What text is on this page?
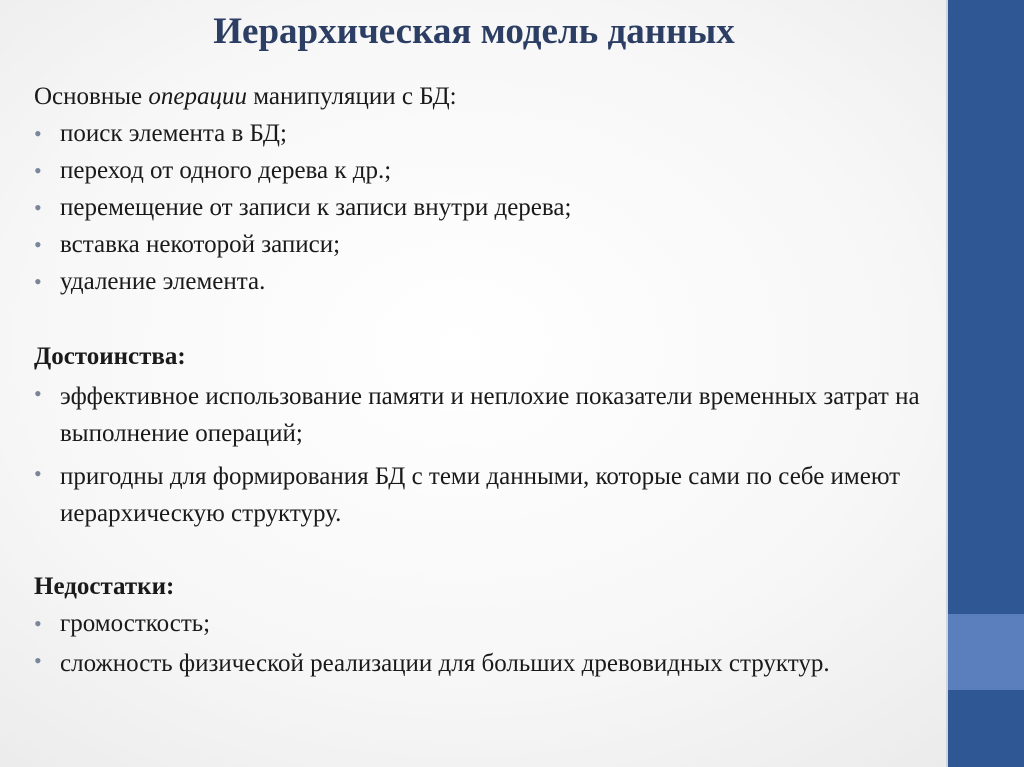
Иерархическая модель данных

Основные операции манипуляции с БД:

• поиск элемента в БД;
• переход от одного дерева к др.;
• перемещение от записи к записи внутри дерева;
• вставка некоторой записи;
• удаление элемента.

Достоинства:

• эффективное использование памяти и неплохие показатели временных затрат на выполнение операций;
• пригодны для формирования БД с теми данными, которые сами по себе имеют иерархическую структуру.

Недостатки:

• громосткость;
• сложность физической реализации для больших древовидных структур.
